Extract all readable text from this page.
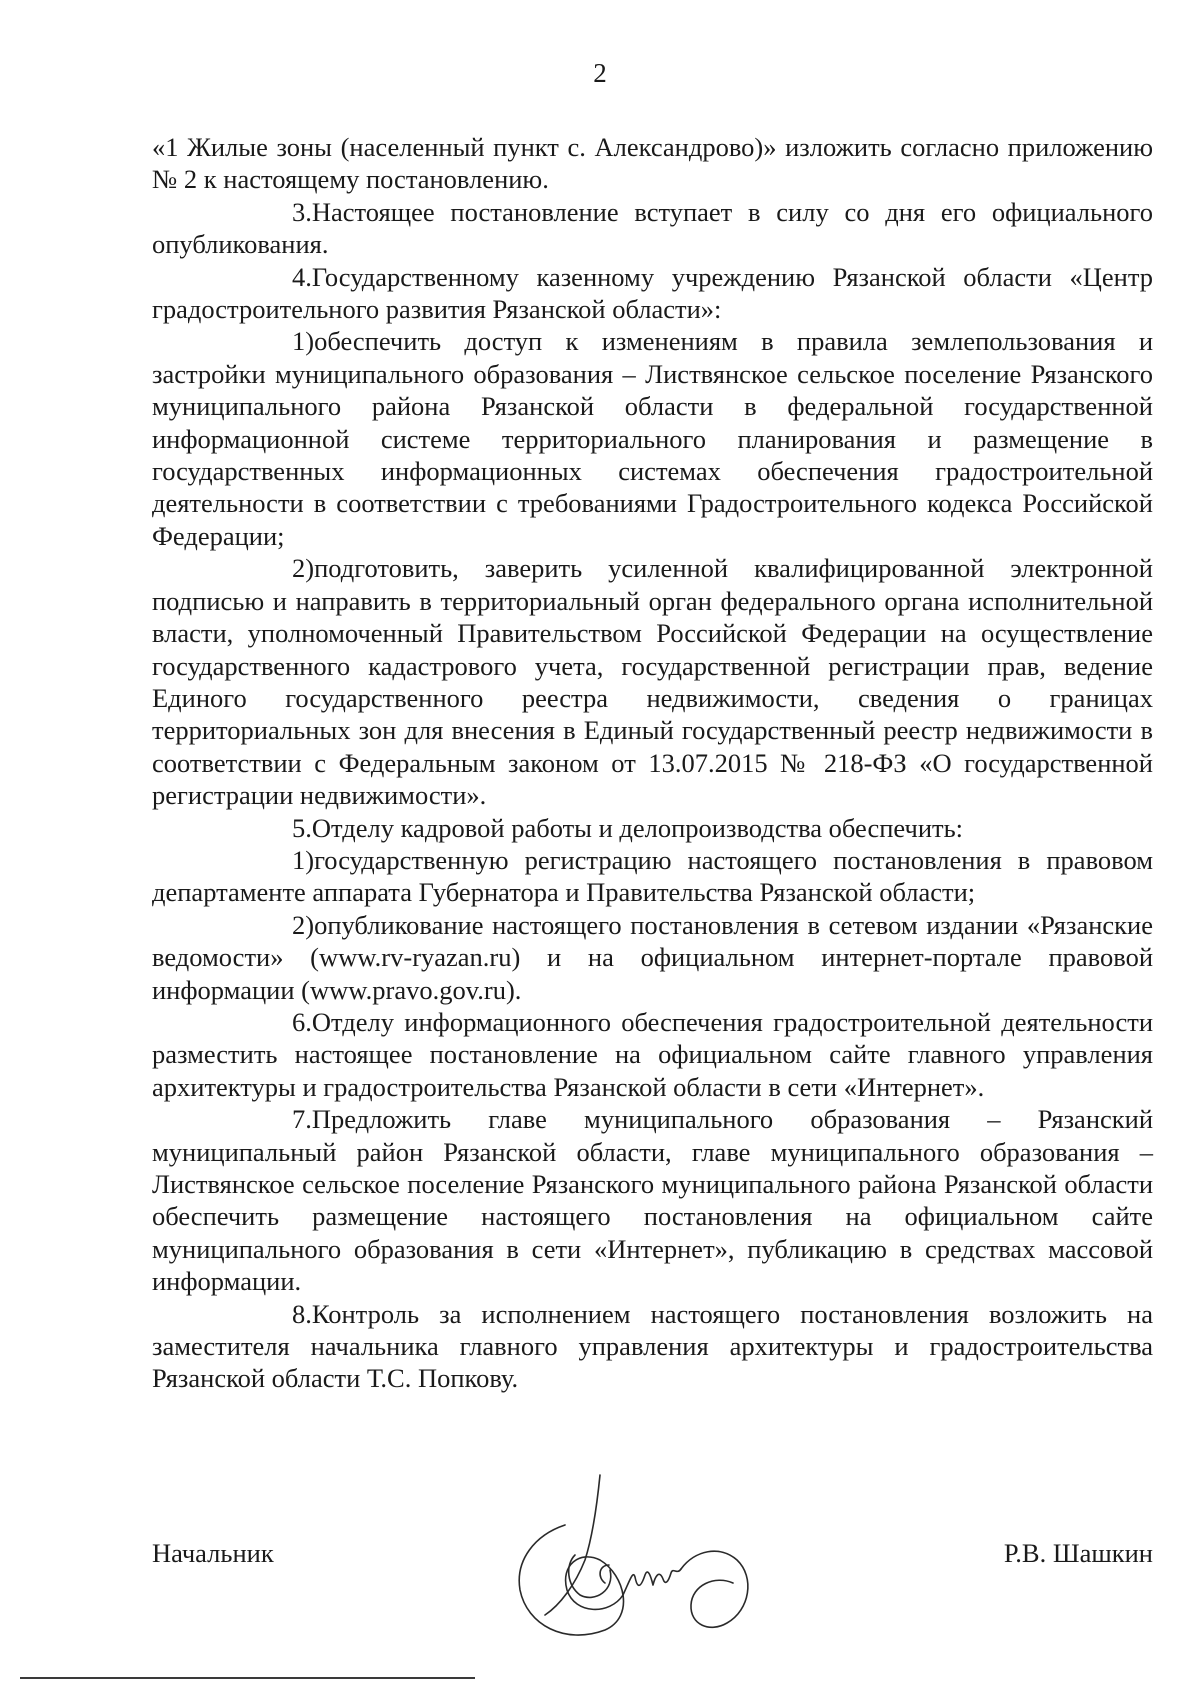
2

«1 Жилые зоны (населенный пункт с. Александрово)» изложить согласно приложению № 2 к настоящему постановлению.

3.Настоящее постановление вступает в силу со дня его официального опубликования.

4.Государственному казенному учреждению Рязанской области «Центр градостроительного развития Рязанской области»:

1)обеспечить доступ к изменениям в правила землепользования и застройки муниципального образования – Листвянское сельское поселение Рязанского муниципального района Рязанской области в федеральной государственной информационной системе территориального планирования и размещение в государственных информационных системах обеспечения градостроительной деятельности в соответствии с требованиями Градостроительного кодекса Российской Федерации;

2)подготовить, заверить усиленной квалифицированной электронной подписью и направить в территориальный орган федерального органа исполнительной власти, уполномоченный Правительством Российской Федерации на осуществление государственного кадастрового учета, государственной регистрации прав, ведение Единого государственного реестра недвижимости, сведения о границах территориальных зон для внесения в Единый государственный реестр недвижимости в соответствии с Федеральным законом от 13.07.2015 № 218-ФЗ «О государственной регистрации недвижимости».

5.Отделу кадровой работы и делопроизводства обеспечить:

1)государственную регистрацию настоящего постановления в правовом департаменте аппарата Губернатора и Правительства Рязанской области;

2)опубликование настоящего постановления в сетевом издании «Рязанские ведомости» (www.rv-ryazan.ru) и на официальном интернет-портале правовой информации (www.pravo.gov.ru).

6.Отделу информационного обеспечения градостроительной деятельности разместить настоящее постановление на официальном сайте главного управления архитектуры и градостроительства Рязанской области в сети «Интернет».

7.Предложить главе муниципального образования – Рязанский муниципальный район Рязанской области, главе муниципального образования – Листвянское сельское поселение Рязанского муниципального района Рязанской области обеспечить размещение настоящего постановления на официальном сайте муниципального образования в сети «Интернет», публикацию в средствах массовой информации.

8.Контроль за исполнением настоящего постановления возложить на заместителя начальника главного управления архитектуры и градостроительства Рязанской области Т.С. Попкову.

Начальник	Р.В. Шашкин
